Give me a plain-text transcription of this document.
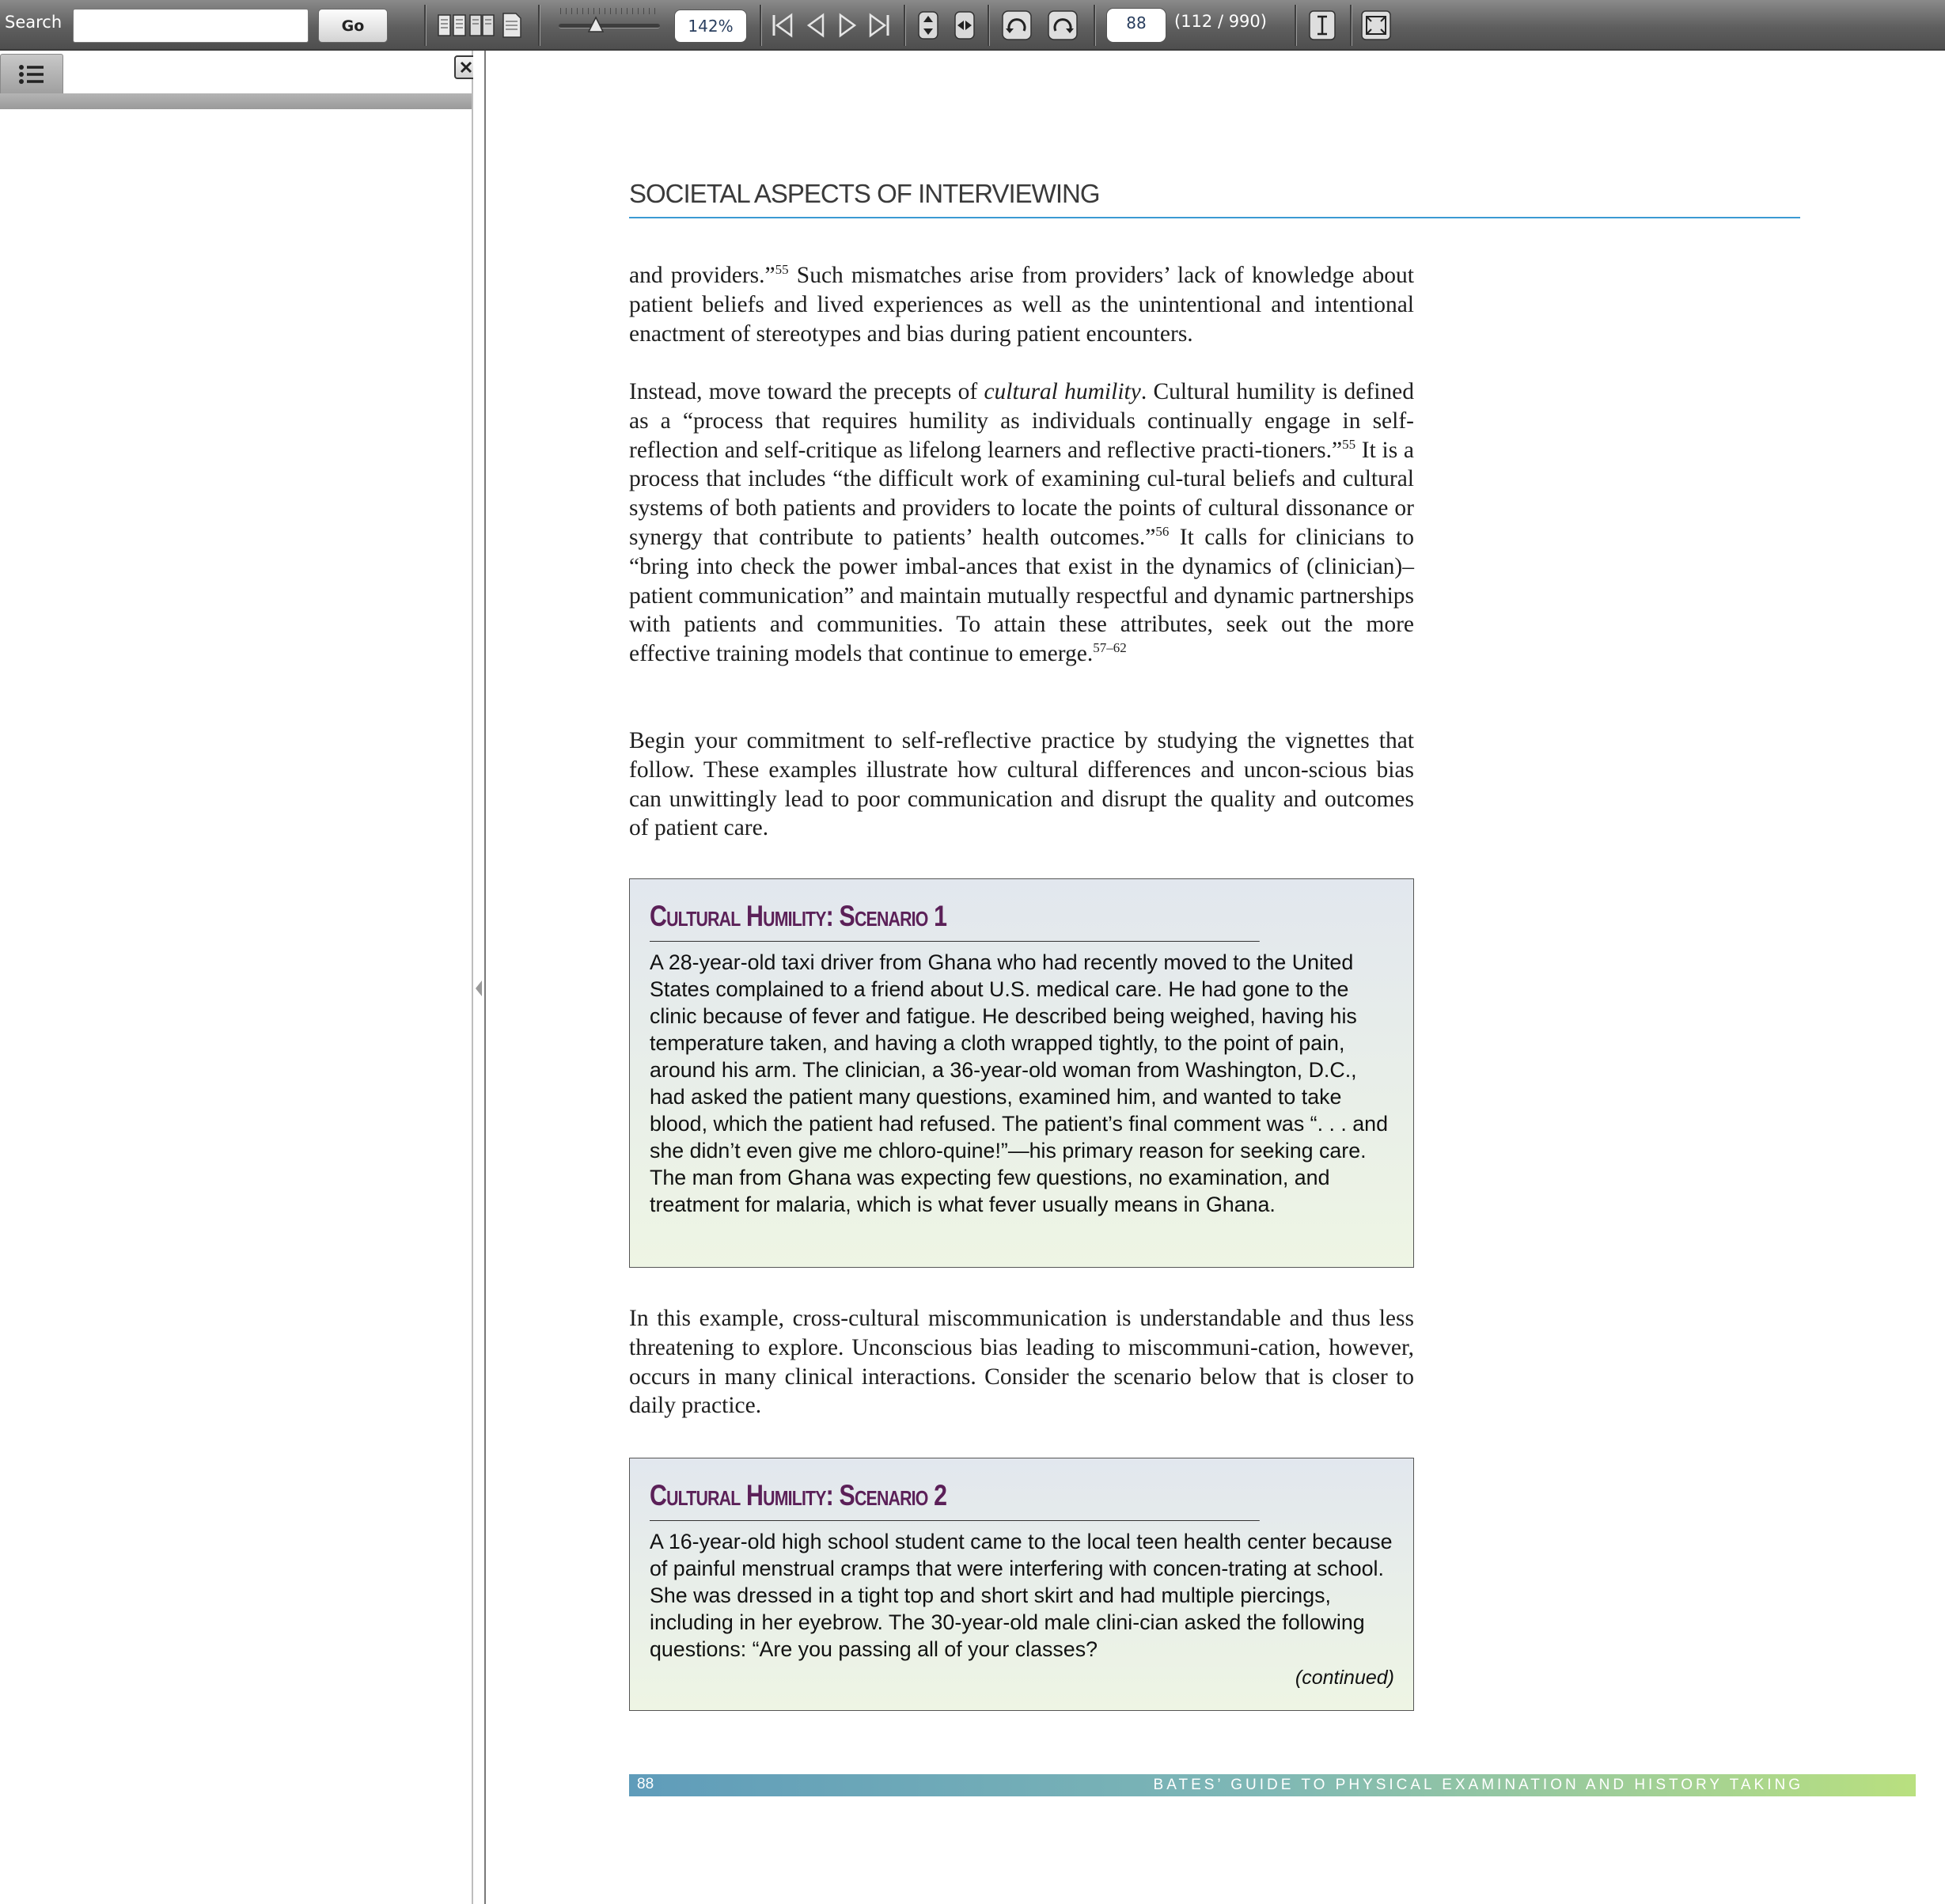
Search	Go	142%	88	(112 / 990)
SOCIETAL ASPECTS OF INTERVIEWING

and providers.”$^{55}$ Such mismatches arise from providers’ lack of knowledge about patient beliefs and lived experiences as well as the unintentional and intentional enactment of stereotypes and bias during patient encounters.

Instead, move toward the precepts of cultural humility. Cultural humility is defined as a “process that requires humility as individuals continually engage in self-reflection and self-critique as lifelong learners and reflective practi-tioners.”$^{55}$ It is a process that includes “the difficult work of examining cul-tural beliefs and cultural systems of both patients and providers to locate the points of cultural dissonance or synergy that contribute to patients’ health outcomes.”$^{56}$ It calls for clinicians to “bring into check the power imbal-ances that exist in the dynamics of (clinician)–patient communication” and maintain mutually respectful and dynamic partnerships with patients and communities. To attain these attributes, seek out the more effective training models that continue to emerge.$^{57-62}$

Begin your commitment to self-reflective practice by studying the vignettes that follow. These examples illustrate how cultural differences and uncon-scious bias can unwittingly lead to poor communication and disrupt the quality and outcomes of patient care.

Cultural Humility: Scenario 1

A 28-year-old taxi driver from Ghana who had recently moved to the United States complained to a friend about U.S. medical care. He had gone to the clinic because of fever and fatigue. He described being weighed, having his temperature taken, and having a cloth wrapped tightly, to the point of pain, around his arm. The clinician, a 36-year-old woman from Washington, D.C., had asked the patient many questions, examined him, and wanted to take blood, which the patient had refused. The patient’s final comment was “. . . and she didn’t even give me chloro-quine!”—his primary reason for seeking care. The man from Ghana was expecting few questions, no examination, and treatment for malaria, which is what fever usually means in Ghana.

In this example, cross-cultural miscommunication is understandable and thus less threatening to explore. Unconscious bias leading to miscommuni-cation, however, occurs in many clinical interactions. Consider the scenario below that is closer to daily practice.

Cultural Humility: Scenario 2

A 16-year-old high school student came to the local teen health center because of painful menstrual cramps that were interfering with concen-trating at school. She was dressed in a tight top and short skirt and had multiple piercings, including in her eyebrow. The 30-year-old male clini-cian asked the following questions: “Are you passing all of your classes?

(continued)
88	BATES’ GUIDE TO PHYSICAL EXAMINATION AND HISTORY TAKING
